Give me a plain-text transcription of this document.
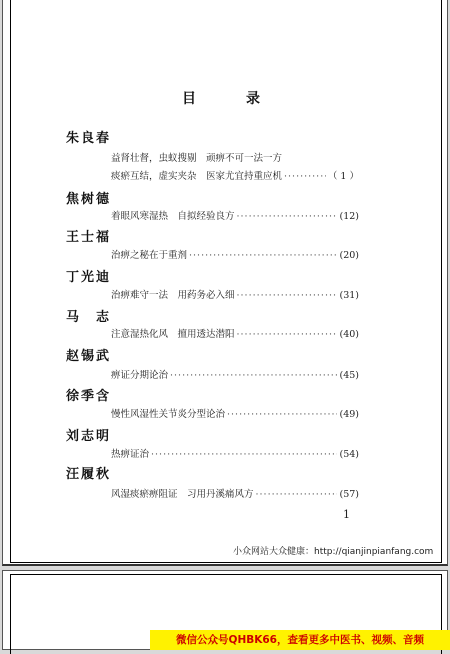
目　录
朱良春
益肾壮督，虫蚁搜剔　顽痹不可一法一方
痰瘀互结，虚实夹杂　医家尤宜持重应机 ·····	（ 1 ）
焦树德
着眼风寒湿热　自拟经验良方 ·····	(12)
王士福
治痹之秘在于重剂 ·····	(20)
丁光迪
治痹难守一法　用药务必入细 ·····	(31)
马　志
注意湿热化风　擅用透达潜阳 ·····	(40)
赵锡武
痹证分期论治 ·····	(45)
徐季含
慢性风湿性关节炎分型论治 ·····	(49)
刘志明
热痹证治 ·····	(54)
汪履秋
风湿痰瘀痹阻证　习用丹溪痛风方 ·····	(57)
1
小众网站大众健康：http://qianjinpianfang.com
微信公众号QHBK66，查看更多中医书、视频、音频
